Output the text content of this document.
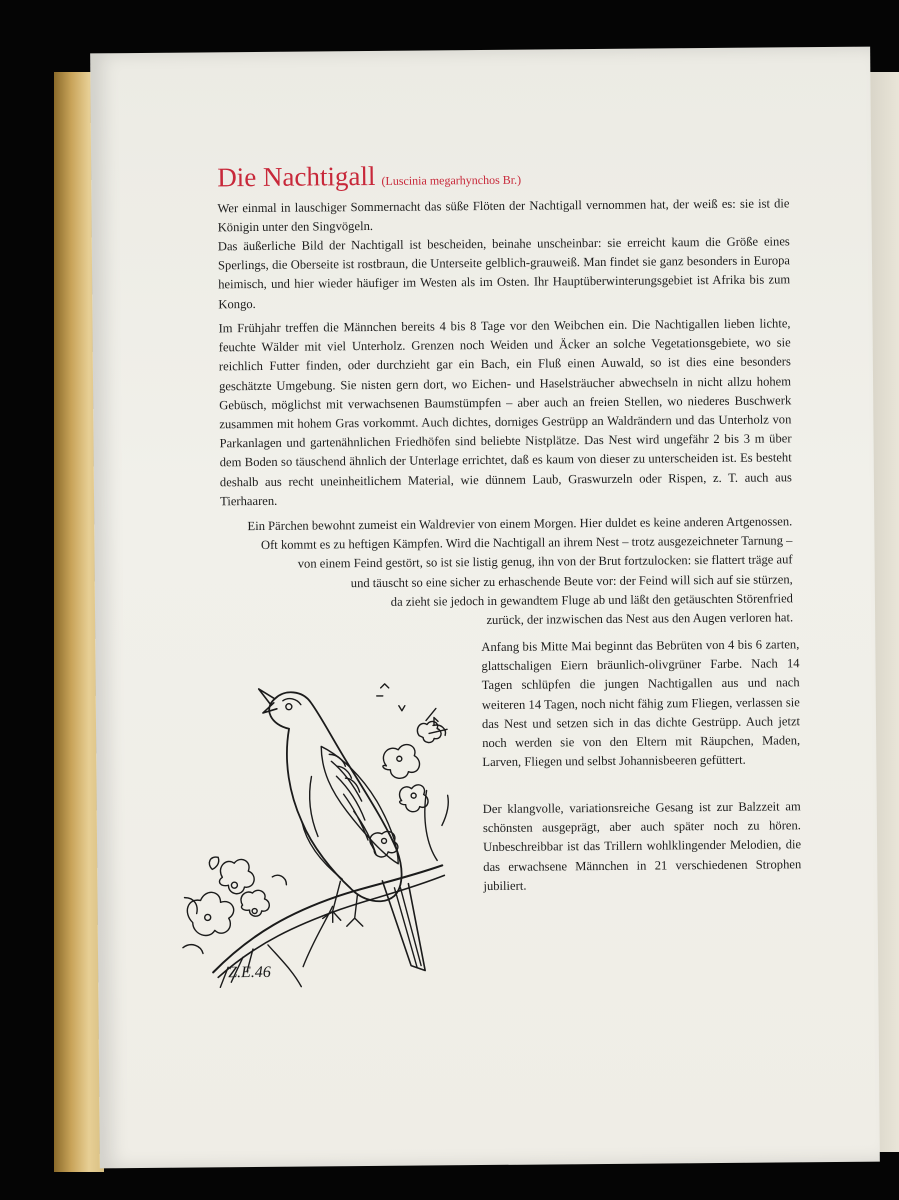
Die Nachtigall (Luscinia megarhynchos Br.)

Wer einmal in lauschiger Sommernacht das süße Flöten der Nachtigall vernommen hat, der weiß es: sie ist die Königin unter den Singvögeln.

Das äußerliche Bild der Nachtigall ist bescheiden, beinahe unscheinbar: sie erreicht kaum die Größe eines Sperlings, die Oberseite ist rostbraun, die Unterseite gelblich-grauweiß. Man findet sie ganz besonders in Europa heimisch, und hier wieder häufiger im Westen als im Osten. Ihr Hauptüberwinterungsgebiet ist Afrika bis zum Kongo.

Im Frühjahr treffen die Männchen bereits 4 bis 8 Tage vor den Weibchen ein. Die Nachtigallen lieben lichte, feuchte Wälder mit viel Unterholz. Grenzen noch Weiden und Äcker an solche Vegetationsgebiete, wo sie reichlich Futter finden, oder durchzieht gar ein Bach, ein Fluß einen Auwald, so ist dies eine besonders geschätzte Umgebung. Sie nisten gern dort, wo Eichen- und Haselsträucher abwechseln in nicht allzu hohem Gebüsch, möglichst mit verwachsenen Baumstümpfen – aber auch an freien Stellen, wo niederes Buschwerk zusammen mit hohem Gras vorkommt. Auch dichtes, dorniges Gestrüpp an Waldrändern und das Unterholz von Parkanlagen und gartenähnlichen Friedhöfen sind beliebte Nistplätze. Das Nest wird ungefähr 2 bis 3 m über dem Boden so täuschend ähnlich der Unterlage errichtet, daß es kaum von dieser zu unterscheiden ist. Es besteht deshalb aus recht uneinheitlichem Material, wie dünnem Laub, Graswurzeln oder Rispen, z. T. auch aus Tierhaaren.

Ein Pärchen bewohnt zumeist ein Waldrevier von einem Morgen. Hier duldet es keine anderen Artgenossen.
Oft kommt es zu heftigen Kämpfen. Wird die Nachtigall an ihrem Nest – trotz ausgezeichneter Tarnung –
von einem Feind gestört, so ist sie listig genug, ihn von der Brut fortzulocken: sie flattert träge auf
und täuscht so eine sicher zu erhaschende Beute vor: der Feind will sich auf sie stürzen,
da zieht sie jedoch in gewandtem Fluge ab und läßt den getäuschten Störenfried
zurück, der inzwischen das Nest aus den Augen verloren hat.

Z.E.46

Anfang bis Mitte Mai beginnt das Bebrüten von 4 bis 6 zarten, glattschaligen Eiern bräunlich-olivgrüner Farbe. Nach 14 Tagen schlüpfen die jungen Nachtigallen aus und nach weiteren 14 Tagen, noch nicht fähig zum Fliegen, verlassen sie das Nest und setzen sich in das dichte Gestrüpp. Auch jetzt noch werden sie von den Eltern mit Räupchen, Maden, Larven, Fliegen und selbst Johannisbeeren gefüttert.

Der klangvolle, variationsreiche Gesang ist zur Balzzeit am schönsten ausgeprägt, aber auch später noch zu hören. Unbeschreibbar ist das Trillern wohlklingender Melodien, die das erwachsene Männchen in 21 verschiedenen Strophen jubiliert.
